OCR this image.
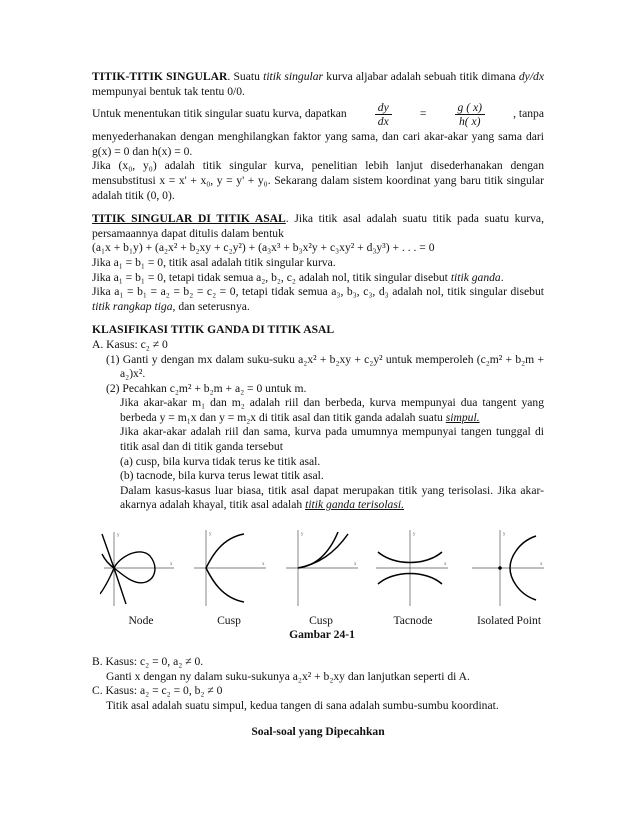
TITIK-TITIK SINGULAR. Suatu titik singular kurva aljabar adalah sebuah titik dimana dy/dx mempunyai bentuk tak tentu 0/0.

Untuk menentukan titik singular suatu kurva, dapatkan $\frac{dy}{dx} = \frac{g ( x)}{h( x)}$ , tanpa

menyederhanakan dengan menghilangkan faktor yang sama, dan cari akar-akar yang sama dari g(x) = 0 dan h(x) = 0.

Jika (x₀, y₀) adalah titik singular kurva, penelitian lebih lanjut disederhanakan dengan mensubstitusi x = x' + x₀, y = y' + y₀. Sekarang dalam sistem koordinat yang baru titik singular adalah titik (0, 0).

TITIK SINGULAR DI TITIK ASAL. Jika titik asal adalah suatu titik pada suatu kurva, persamaannya dapat ditulis dalam bentuk

(a₁x + b₁y) + (a₂x² + b₂xy + c₂y²) + (a₃x³ + b₃x²y + c₃xy² + d₃y³) + . . . = 0

Jika a₁ = b₁ = 0, titik asal adalah titik singular kurva.

Jika a₁ = b₁ = 0, tetapi tidak semua a₂, b₂, c₂ adalah nol, titik singular disebut titik ganda.

Jika a₁ = b₁ = a₂ = b₂ = c₂ = 0, tetapi tidak semua a₃, b₃, c₃, d₃ adalah nol, titik singular disebut titik rangkap tiga, dan seterusnya.

KLASIFIKASI TITIK GANDA DI TITIK ASAL

A. Kasus: c₂ ≠ 0

(1) Ganti y dengan mx dalam suku-suku a₂x² + b₂xy + c₂y² untuk memperoleh (c₂m² + b₂m + a₂)x².

(2) Pecahkan c₂m² + b₂m + a₂ = 0 untuk m.

Jika akar-akar m₁ dan m₂ adalah riil dan berbeda, kurva mempunyai dua tangent yang berbeda y = m₁x dan y = m₂x di titik asal dan titik ganda adalah suatu simpul.

Jika akar-akar adalah riil dan sama, kurva pada umumnya mempunyai tangen tunggal di titik asal dan di titik ganda tersebut

(a) cusp, bila kurva tidak terus ke titik asal.

(b) tacnode, bila kurva terus lewat titik asal.

Dalam kasus-kasus luar biasa, titik asal dapat merupakan titik yang terisolasi. Jika akar-akarnya adalah khayal, titik asal adalah titik ganda terisolasi.

x
y
x
y
x
y
x
y
x
y
Node	Cusp	Cusp	Tacnode	Isolated Point
Gambar 24-1

B. Kasus: c₂ = 0, a₂ ≠ 0.

Ganti x dengan ny dalam suku-sukunya a₂x² + b₂xy dan lanjutkan seperti di A.

C. Kasus: a₂ = c₂ = 0, b₂ ≠ 0

Titik asal adalah suatu simpul, kedua tangen di sana adalah sumbu-sumbu koordinat.

Soal-soal yang Dipecahkan
